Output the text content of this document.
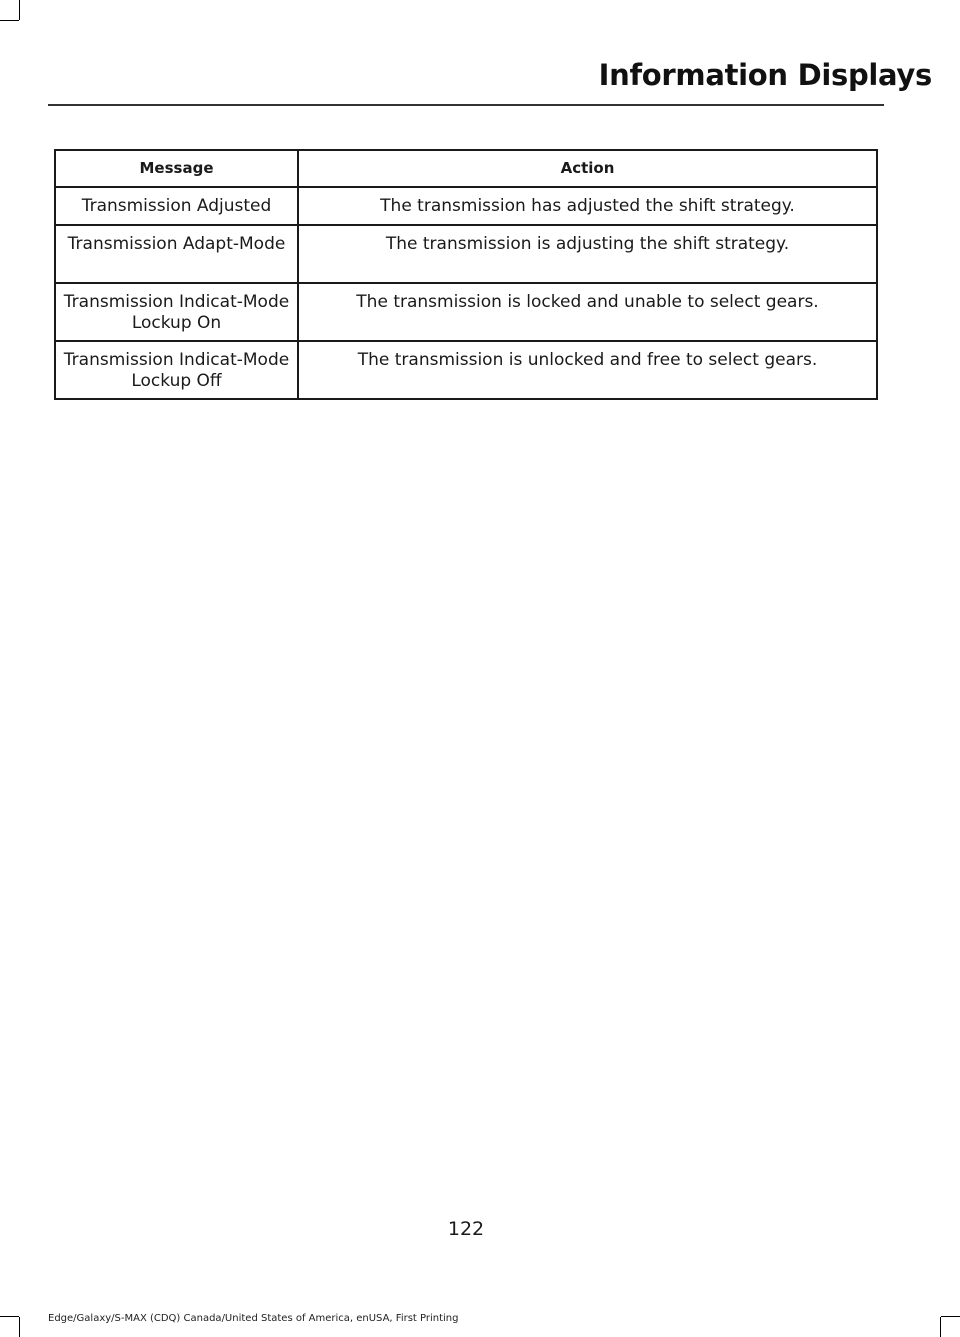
Information Displays
Message	Action
Transmission Adjusted	The transmission has adjusted the shift strategy.
Transmission Adapt-Mode	The transmission is adjusting the shift strategy.
Transmission Indicat-Mode Lockup On	The transmission is locked and unable to select gears.
Transmission Indicat-Mode Lockup Off	The transmission is unlocked and free to select gears.
122
Edge/Galaxy/S-MAX (CDQ) Canada/United States of America, enUSA, First Printing
